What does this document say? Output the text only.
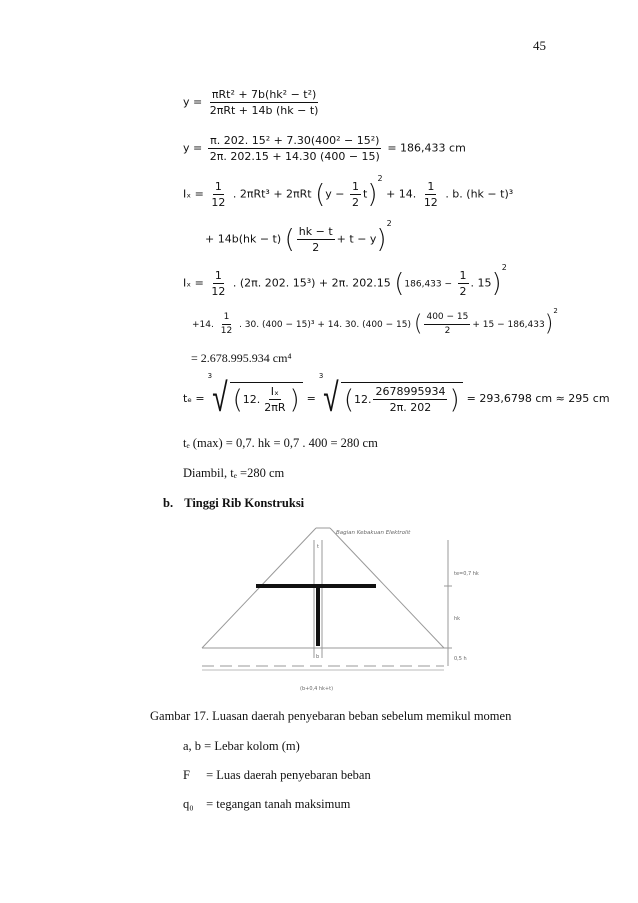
45
$y = \frac{\text{πRt² + 7b(hk² − t²)}}{\text{2πRt + 14b (hk − t)}}$
$y = \frac{\text{π. 202. 15² + 7.30(400² − 15²)}}{2\pi. 202.15 + 14.30 (400 - 15)} = 186,433$ cm
$I_x = \frac{1}{12}$ . 2πRt³ + 2πRt $(y - \frac{1}{2} t)^2 + 14$. $\frac{1}{12}$ . b. (hk − t)³
+ 14b(hk − t) ( $\frac{hk - t}{2} + t - y)^2$
$I_x = \frac{1}{12}$ . (2π. 202. 15³) + 2π. 202.15 ($186,433 - \frac{1}{2}$ . 15)$^2$
+14. $\frac{1}{12}$ . 30. (400 − 15)³ + 14. 30. (400 − 15) ( $\frac{400 - 15}{2} + 15 - 186,433)^2$
= 2.678.995.934 cm⁴
tₑ =
3 √ ( 12. $\frac{\text{Iₓ}}{2\pi R}$ ) =
3 √ ( 12. $\frac{2678995934}{2\pi. 202}$ ) = 293,6798 cm ≈ 295 cm
tₑ (max) = 0,7. hk = 0,7 . 400 = 280 cm
Diambil, tₑ =280 cm
b. Tinggi Rib Konstruksi
Bagian Kebakuan Elektrolit
te=0,7 hk
hk
0,5 h
b
(b+0,4 hk+t)
t
Gambar 17. Luasan daerah penyebaran beban sebelum memikul momen
a, b = Lebar kolom (m)
F = Luas daerah penyebaran beban
q₀ = tegangan tanah maksimum
